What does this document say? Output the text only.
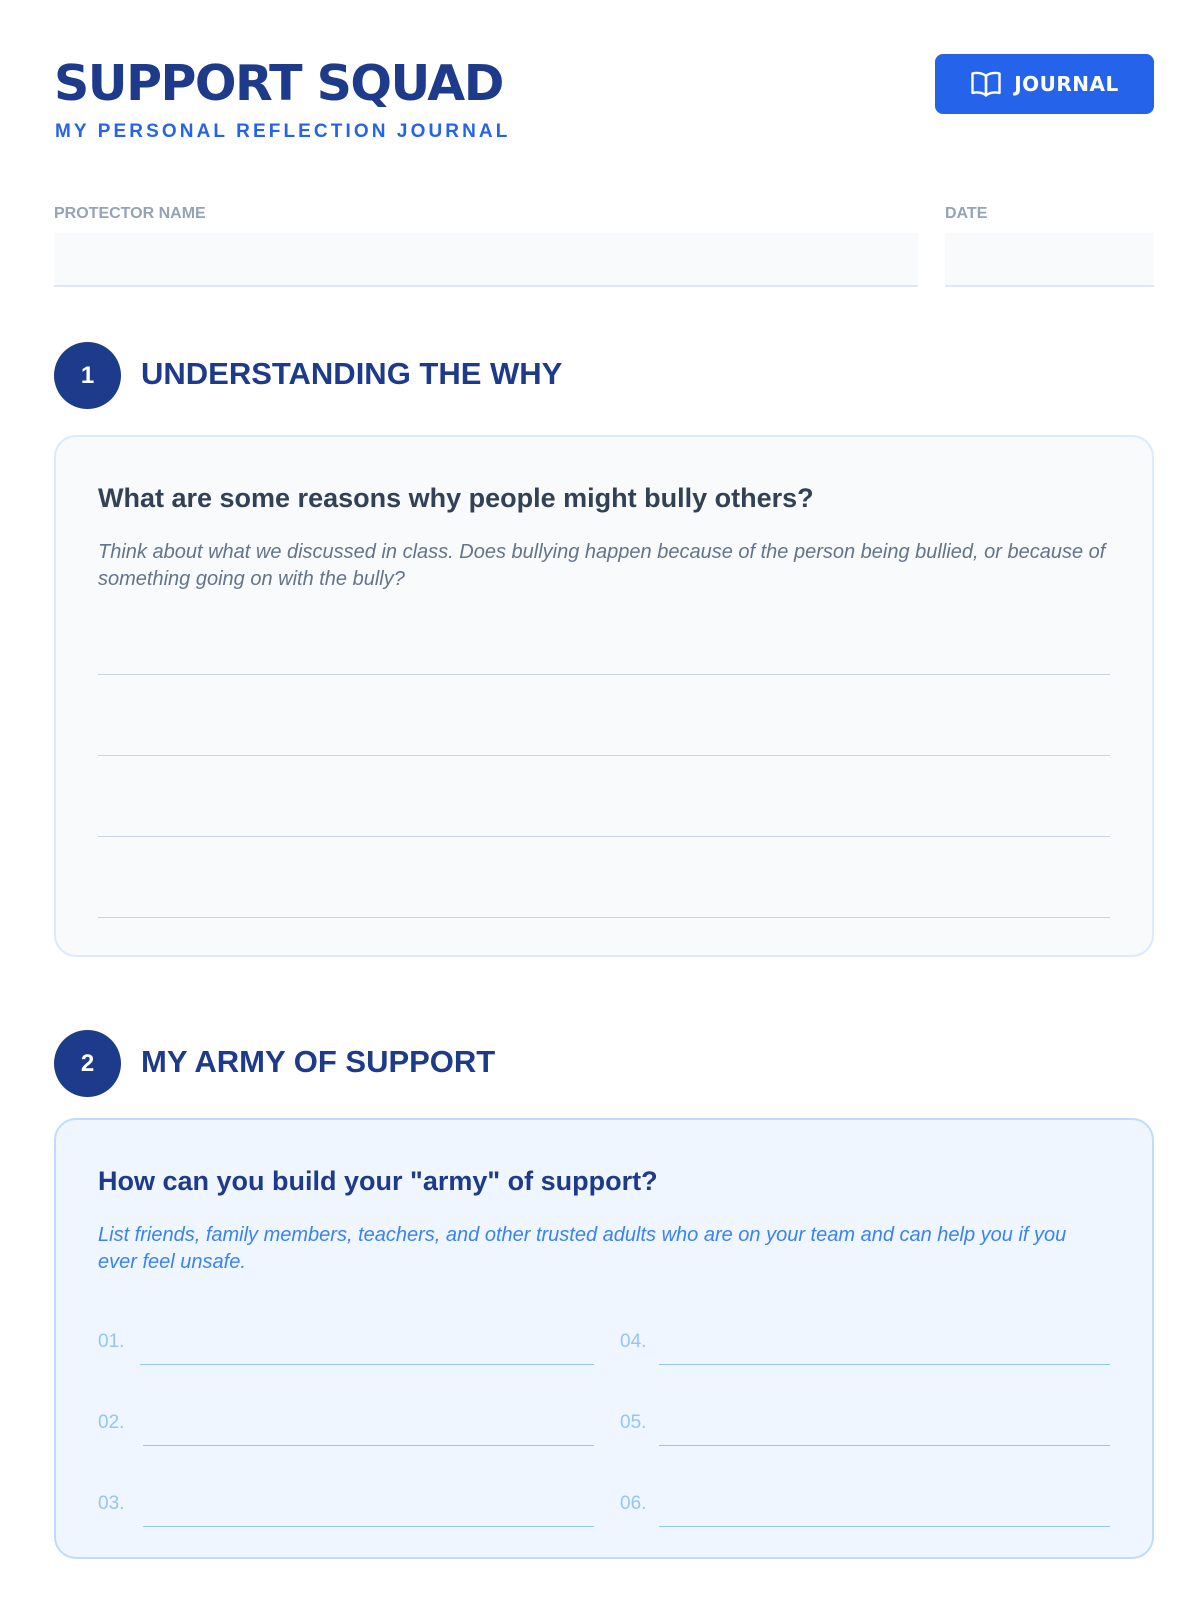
SUPPORT SQUAD
MY PERSONAL REFLECTION JOURNAL
JOURNAL
PROTECTOR NAME	DATE
1	UNDERSTANDING THE WHY
What are some reasons why people might bully others?
Think about what we discussed in class. Does bullying happen because of the person being bullied, or because of something going on with the bully?
2	MY ARMY OF SUPPORT
How can you build your "army" of support?
List friends, family members, teachers, and other trusted adults who are on your team and can help you if you ever feel unsafe.
01.
02.
03.
04.
05.
06.
